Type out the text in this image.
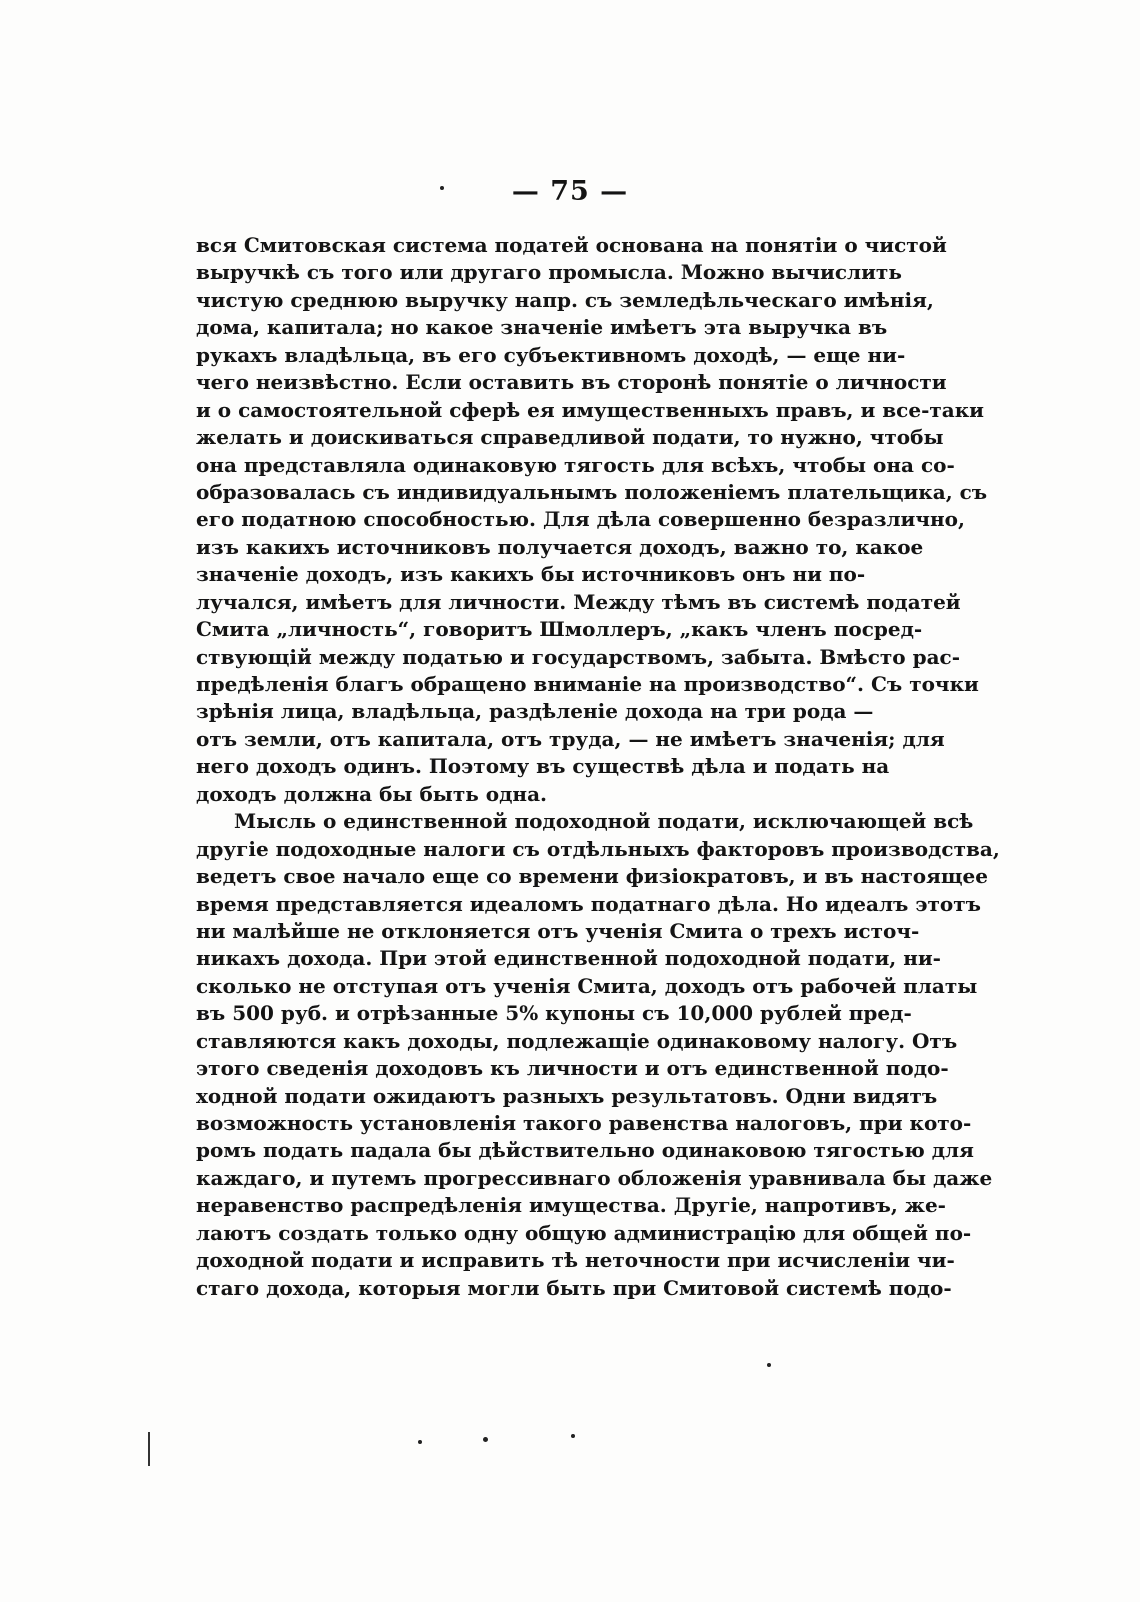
— 75 —
вся Смитовская система податей основана на понятіи о чистой
выручкѣ съ того или другаго промысла. Можно вычислить
чистую среднюю выручку напр. съ земледѣльческаго имѣнія,
дома, капитала; но какое значеніе имѣетъ эта выручка въ
рукахъ владѣльца, въ его субъективномъ доходѣ, — еще ни-
чего неизвѣстно. Если оставить въ сторонѣ понятіе о личности
и о самостоятельной сферѣ ея имущественныхъ правъ, и все-таки
желать и доискиваться справедливой подати, то нужно, чтобы
она представляла одинаковую тягость для всѣхъ, чтобы она со-
образовалась съ индивидуальнымъ положеніемъ плательщика, съ
его податною способностью. Для дѣла совершенно безразлично,
изъ какихъ источниковъ получается доходъ, важно то, какое
значеніе доходъ, изъ какихъ бы источниковъ онъ ни по-
лучался, имѣетъ для личности. Между тѣмъ въ системѣ податей
Смита „личность“, говоритъ Шмоллеръ, „какъ членъ посред-
ствующій между податью и государствомъ, забыта. Вмѣсто рас-
предѣленія благъ обращено вниманіе на производство“. Съ точки
зрѣнія лица, владѣльца, раздѣленіе дохода на три рода —
отъ земли, отъ капитала, отъ труда, — не имѣетъ значенія; для
него доходъ одинъ. Поэтому въ существѣ дѣла и подать на
доходъ должна бы быть одна.
Мысль о единственной подоходной подати, исключающей всѣ
другіе подоходные налоги съ отдѣльныхъ факторовъ производства,
ведетъ свое начало еще со времени физіократовъ, и въ настоящее
время представляется идеаломъ податнаго дѣла. Но идеалъ этотъ
ни малѣйше не отклоняется отъ ученія Смита о трехъ источ-
никахъ дохода. При этой единственной подоходной подати, ни-
сколько не отступая отъ ученія Смита, доходъ отъ рабочей платы
въ 500 руб. и отрѣзанные 5% купоны съ 10,000 рублей пред-
ставляются какъ доходы, подлежащіе одинаковому налогу. Отъ
этого сведенія доходовъ къ личности и отъ единственной подо-
ходной подати ожидаютъ разныхъ результатовъ. Одни видятъ
возможность установленія такого равенства налоговъ, при кото-
ромъ подать падала бы дѣйствительно одинаковою тягостью для
каждаго, и путемъ прогрессивнаго обложенія уравнивала бы даже
неравенство распредѣленія имущества. Другіе, напротивъ, же-
лаютъ создать только одну общую администрацію для общей по-
доходной подати и исправить тѣ неточности при исчисленіи чи-
стаго дохода, которыя могли быть при Смитовой системѣ подо-
